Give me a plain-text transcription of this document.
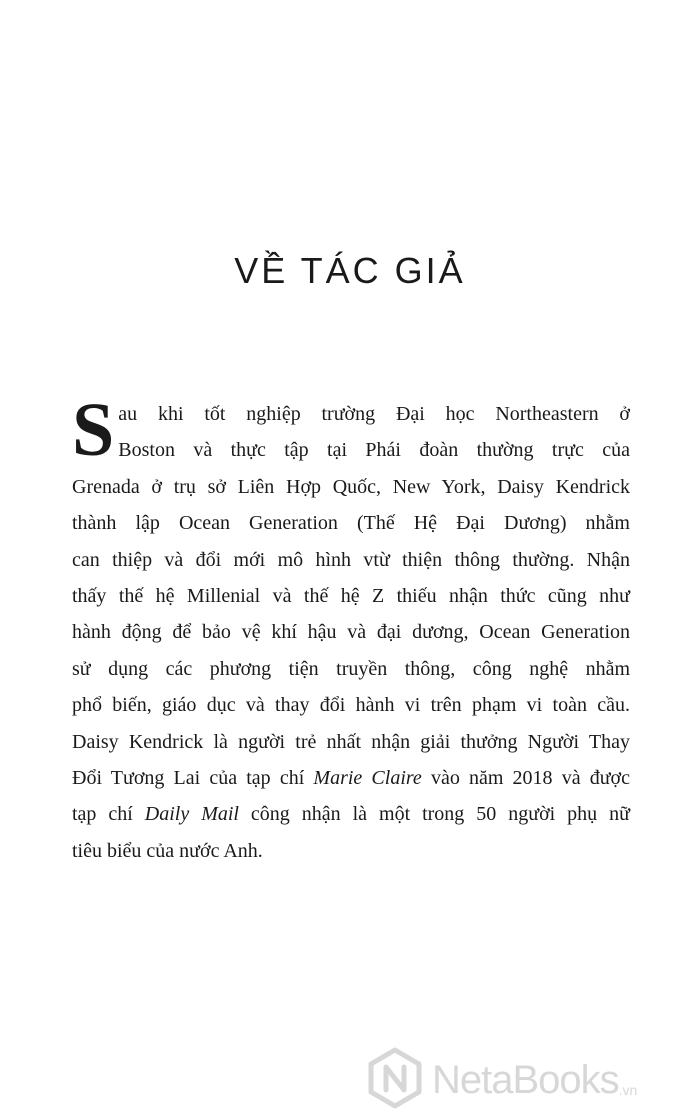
VỀ TÁC GIẢ
S au khi tốt nghiệp trường Đại học Northeastern ở
Boston và thực tập tại Phái đoàn thường trực của
Grenada ở trụ sở Liên Hợp Quốc, New York, Daisy Kendrick
thành lập Ocean Generation (Thế Hệ Đại Dương) nhằm
can thiệp và đổi mới mô hình vtừ thiện thông thường. Nhận
thấy thế hệ Millenial và thế hệ Z thiếu nhận thức cũng như
hành động để bảo vệ khí hậu và đại dương, Ocean Generation
sử dụng các phương tiện truyền thông, công nghệ nhằm
phổ biến, giáo dục và thay đổi hành vi trên phạm vi toàn cầu.
Daisy Kendrick là người trẻ nhất nhận giải thưởng Người Thay
Đổi Tương Lai của tạp chí Marie Claire vào năm 2018 và được
tạp chí Daily Mail công nhận là một trong 50 người phụ nữ
tiêu biểu của nước Anh.
NetaBooks .vn
